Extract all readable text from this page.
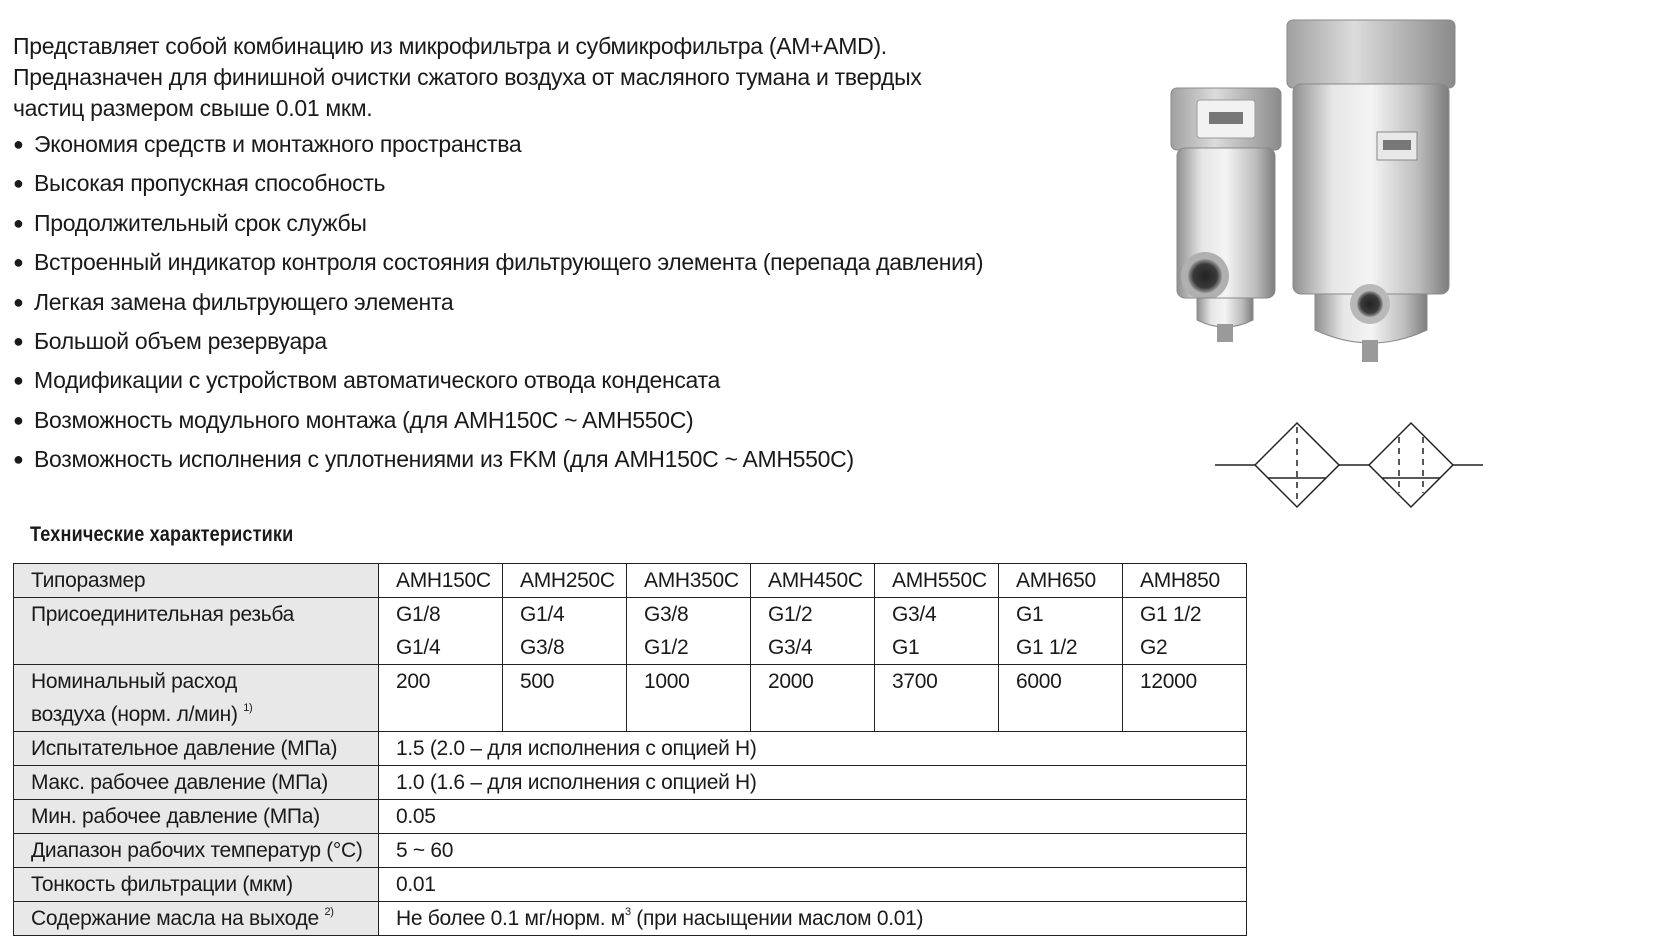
Представляет собой комбинацию из микрофильтра и субмикрофильтра (AM+AMD).

Предназначен для финишной очистки сжатого воздуха от масляного тумана и твердых

частиц размером свыше 0.01 мкм.

● Экономия средств и монтажного пространства
● Высокая пропускная способность
● Продолжительный срок службы
● Встроенный индикатор контроля состояния фильтрующего элемента (перепада давления)
● Легкая замена фильтрующего элемента
● Большой объем резервуара
● Модификации с устройством автоматического отвода конденсата
● Возможность модульного монтажа (для AMH150C ~ AMH550C)
● Возможность исполнения с уплотнениями из FKM (для AMH150C ~ AMH550C)
Технические характеристики
Типоразмер	AMH150C	AMH250C	AMH350C	AMH450C	AMH550C	AMH650	AMH850
Присоединительная резьба	G1/8	G1/4	G3/8	G1/2	G3/4	G1	G1 1/2
	G1/4	G3/8	G1/2	G3/4	G1	G1 1/2	G2

Номинальный расход
воздуха (норм. л/мин) $^{1)}$	200	500	1000	2000	3700	6000	12000
Испытательное давление (МПа)	1.5 (2.0 – для исполнения с опцией H)						
Макс. рабочее давление (МПа)	1.0 (1.6 – для исполнения с опцией H)						
Мин. рабочее давление (МПа)	0.05						
Диапазон рабочих температур (°С)	5 ~ 60						
Тонкость фильтрации (мкм)	0.01						
Содержание масла на выходе $^{2)}$	Не более 0.1 мг/норм. $м^3$ (при насыщении маслом 0.01)						
